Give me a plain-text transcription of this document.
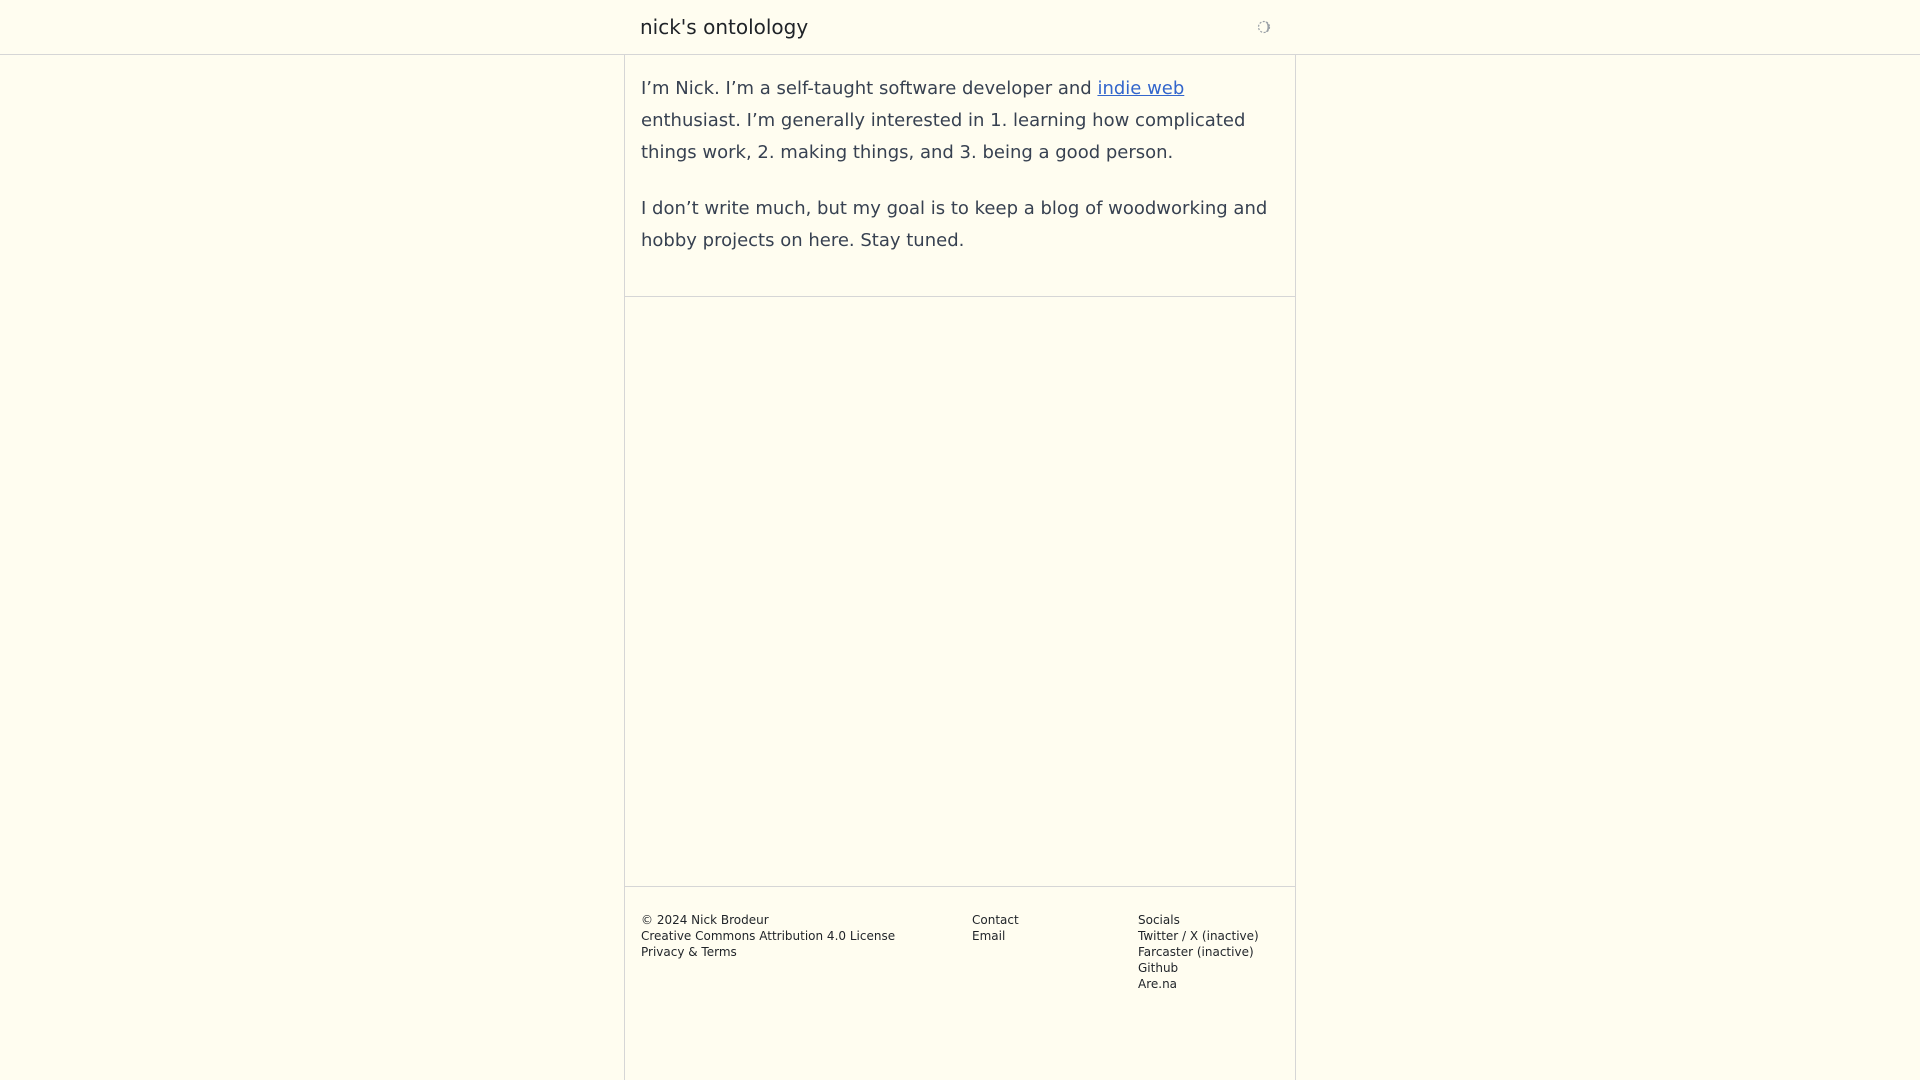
nick's ontolology

I’m Nick. I’m a self-taught software developer and indie web enthusiast. I’m generally interested in 1. learning how complicated things work, 2. making things, and 3. being a good person.

I don’t write much, but my goal is to keep a blog of woodworking and hobby projects on here. Stay tuned.

© 2024 Nick Brodeur
Creative Commons Attribution 4.0 License
Privacy & Terms
Contact
Email
Socials
Twitter / X (inactive)
Farcaster (inactive)
Github
Are.na
